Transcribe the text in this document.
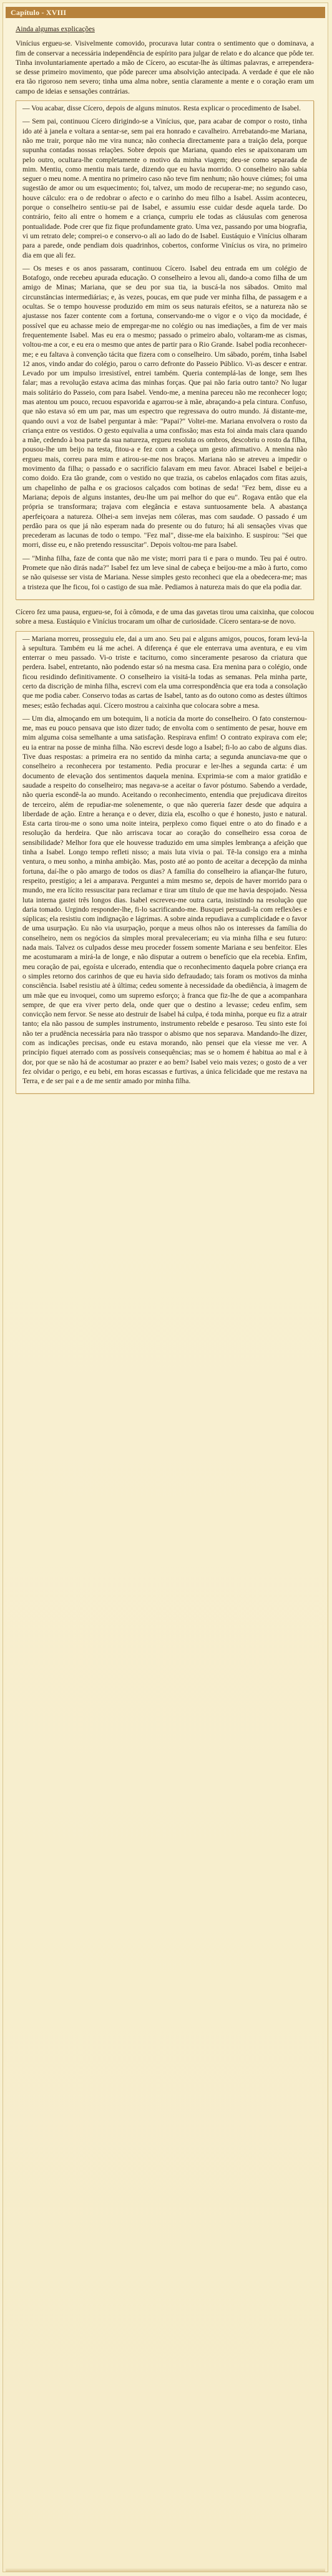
Capítulo - XVIII

Ainda algumas explicações

Vinícius ergueu-se. Visivelmente comovido, procurava lutar contra o sentimento que o dominava, a fim de conservar a necessária independência de espírito para julgar de relato e do alcance que pôde ter. Tinha involuntariamente apertado a mão de Cícero, ao escutar-lhe às últimas palavras, e arrependera-se desse primeiro movimento, que pôde parecer uma absolvição antecipada. A verdade é que ele não era tão rigoroso nem severo; tinha uma alma nobre, sentia claramente a mente e o coração eram um campo de ideias e sensações contrárias.

— Vou acabar, disse Cícero, depois de alguns minutos. Resta explicar o procedimento de Isabel.

— Sem pai, continuou Cícero dirigindo-se a Vinícius, que, para acabar de compor o rosto, tinha ido até à janela e voltara a sentar-se, sem pai era honrado e cavalheiro. Arrebatando-me Mariana, não me trair, porque não me vira nunca; não conhecia directamente para a traição dela, porque supunha contadas nossas relações. Sobre depois que Mariana, quando eles se apaixonaram um pelo outro, ocultara-lhe completamente o motivo da minha viagem; deu-se como separada de mim. Mentiu, como mentiu mais tarde, dizendo que eu havia morrido. O conselheiro não sabia seguer o meu nome. A mentira no primeiro caso não teve fim nenhum; não houve ciúmes; foi uma sugestão de amor ou um esquecimento; foi, talvez, um modo de recuperar-me; no segundo caso, houve cálculo: era o de redobrar o afecto e o carinho do meu filho a Isabel. Assim aconteceu, porque o conselheiro sentiu-se pai de Isabel, e assumiu esse cuidar desde aquela tarde. Do contrário, feito ali entre o homem e a criança, cumpriu ele todas as cláusulas com generosa pontualidade. Pode crer que fiz fique profundamente grato. Uma vez, passando por uma biografia, vi um retrato dele; comprei-o e conservo-o ali ao lado do de Isabel. Eustáquio e Vinícius olharam para a parede, onde pendiam dois quadrinhos, cobertos, conforme Vinícius os vira, no primeiro dia em que ali fez.

— Os meses e os anos passaram, continuou Cícero. Isabel deu entrada em um colégio de Botafogo, onde recebeu apurada educação. O conselheiro a levou ali, dando-a como filha de um amigo de Minas; Mariana, que se deu por sua tia, ia buscá-la nos sábados. Omito mal circunstâncias intermediárias; e, às vezes, poucas, em que pude ver minha filha, de passagem e a ocultas. Se o tempo houvesse produzido em mim os seus naturais efeitos, se a natureza não se ajustasse nos fazer contente com a fortuna, conservando-me o vigor e o viço da mocidade, é possível que eu achasse meio de empregar-me no colégio ou nas imediações, a fim de ver mais frequentemente Isabel. Mas eu era o mesmo; passado o primeiro abalo, voltaram-me as cismas, voltou-me a cor, e eu era o mesmo que antes de partir para o Rio Grande. Isabel podia reconhecer-me; e eu faltava à convenção tácita que fizera com o conselheiro. Um sábado, porém, tinha Isabel 12 anos, vindo andar do colégio, parou o carro defronte do Passeio Público. Vi-as descer e entrar. Levado por um impulso irresistível, entrei também. Queria contemplá-las de longe, sem lhes falar; mas a revolução estava acima das minhas forças. Que pai não faria outro tanto? No lugar mais solitário do Passeio, com para Isabel. Vendo-me, a menina pareceu não me reconhecer logo; mas atentou um pouco, recuou espavorida e agarrou-se à mãe, abraçando-a pela cintura. Confuso, que não estava só em um par, mas um espectro que regressava do outro mundo. Já distante-me, quando ouvi a voz de Isabel perguntar à mãe: "Papai?" Voltei-me. Mariana envolvera o rosto da criança entre os vestidos. O gesto equivalia a uma confissão; mas esta foi ainda mais clara quando a mãe, cedendo à boa parte da sua natureza, ergueu resoluta os ombros, descobriu o rosto da filha, pousou-lhe um beijo na testa, fitou-a e fez com a cabeça um gesto afirmativo. A menina não ergueu mais, correu para mim e atirou-se-me nos braços. Mariana não se atreveu a impedir o movimento da filha; o passado e o sacrifício falavam em meu favor. Abracei Isabel e beijei-a como doido. Era tão grande, com o vestido no que trazia, os cabelos enlaçados com fitas azuis, um chapelinho de palha e os graciosos calçados com botinas de seda! "Fez bem, disse eu a Mariana; depois de alguns instantes, deu-lhe um pai melhor do que eu". Rogava então que ela própria se transformara; trajava com elegância e estava suntuosamente bela. A abastança aperfeiçoara a natureza. Olhei-a sem invejas nem cóleras, mas com saudade. O passado é um perdão para os que já não esperam nada do presente ou do futuro; há ali sensações vivas que precederam as lacunas de todo o tempo. "Fez mal", disse-me ela baixinho. E suspirou: "Sei que morri, disse eu, e não pretendo ressuscitar". Depois voltou-me para Isabel.

— "Minha filha, faze de conta que não me viste; morri para ti e para o mundo. Teu pai é outro. Promete que não dirás nada?" Isabel fez um leve sinal de cabeça e beijou-me a mão à furto, como se não quisesse ser vista de Mariana. Nesse simples gesto reconheci que ela a obedecera-me; mas a tristeza que lhe ficou, foi o castigo de sua mãe. Pediamos à natureza mais do que ela podia dar.

Cícero fez uma pausa, ergueu-se, foi à cômoda, e de uma das gavetas tirou uma caixinha, que colocou sobre a mesa. Eustáquio e Vinícius trocaram um olhar de curiosidade. Cícero sentara-se de novo.

— Mariana morreu, prosseguiu ele, dai a um ano. Seu pai e alguns amigos, poucos, foram levá-la à sepultura. Também eu lá me achei. A diferença é que ele enterrava uma aventura, e eu vim enterrar o meu passado. Vi-o triste e taciturno, como sinceramente pesaroso da criatura que perdera. Isabel, entretanto, não podendo estar só na mesma casa. Era menina para o colégio, onde ficou residindo definitivamente. O conselheiro ia visitá-la todas as semanas. Pela minha parte, certo da discrição de minha filha, escrevi com ela uma correspondência que era toda a consolação que me podia caber. Conservo todas as cartas de Isabel, tanto as do outono como as destes últimos meses; estão fechadas aqui. Cícero mostrou a caixinha que colocara sobre a mesa.

— Um dia, almoçando em um botequim, li a notícia da morte do conselheiro. O fato consternou-me, mas eu pouco pensava que isto dizer tudo; de envolta com o sentimento de pesar, houve em mim alguma coisa semelhante a uma satisfação. Respirava enfim! O contrato expirava com ele; eu ia entrar na posse de minha filha. Não escrevi desde logo a Isabel; fi-lo ao cabo de alguns dias. Tive duas respostas: a primeira era no sentido da minha carta; a segunda anunciava-me que o conselheiro a reconhecera por testamento. Pedia procurar e ler-lhes a segunda carta: é um documento de elevação dos sentimentos daquela menina. Exprimia-se com a maior gratidão e saudade a respeito do conselheiro; mas negava-se a aceitar o favor póstumo. Sabendo a verdade, não queria escondê-la ao mundo. Aceitando o reconhecimento, entendia que prejudicava direitos de terceiro, além de repudiar-me solenemente, o que não quereria fazer desde que adquira a liberdade de ação. Entre a herança e o dever, dizia ela, escolho o que é honesto, justo e natural. Esta carta tirou-me o sono uma noite inteira, perplexo como fiquei entre o ato do finado e a resolução da herdeira. Que não arriscava tocar ao coração do conselheiro essa coroa de sensibilidade? Melhor fora que ele houvesse traduzido em uma simples lembrança a afeição que tinha a Isabel. Longo tempo refleti nisso; a mais luta vivia o pai. Tê-la consigo era a minha ventura, o meu sonho, a minha ambição. Mas, posto até ao ponto de aceitar a decepção da minha fortuna, daí-lhe o pão amargo de todos os dias? A família do conselheiro ia afiançar-lhe futuro, respeito, prestígio; a lei a amparava. Perguntei a mim mesmo se, depois de haver morrido para o mundo, me era lícito ressuscitar para reclamar e tirar um título de que me havia despojado. Nessa luta interna gastei três longos dias. Isabel escreveu-me outra carta, insistindo na resolução que daria tomado. Urgindo responder-lhe, fi-lo sacrificando-me. Busquei persuadi-la com reflexões e súplicas; ela resistiu com indignação e lágrimas. A sobre ainda repudiava a cumplicidade e o favor de uma usurpação. Eu não via usurpação, porque a meus olhos não os interesses da família do conselheiro, nem os negócios da simples moral prevaleceriam; eu via minha filha e seu futuro: nada mais. Talvez os culpados desse meu proceder fossem somente Mariana e seu benfeitor. Eles me acostumaram a mirá-la de longe, e não disputar a outrem o benefício que ela recebia. Enfim, meu coração de pai, egoísta e ulcerado, entendia que o reconhecimento daquela pobre criança era o simples retorno dos carinhos de que eu havia sido defraudado; tais foram os motivos da minha consciência. Isabel resistiu até à última; cedeu somente à necessidade da obediência, à imagem de um mãe que eu invoquei, como um supremo esforço; à franca que fiz-lhe de que a acompanhara sempre, de que era viver perto dela, onde quer que o destino a levasse; cedeu enfim, sem convicção nem fervor. Se nesse ato destruir de Isabel há culpa, é toda minha, porque eu fiz a atrair tanto; ela não passou de sumples instrumento, instrumento rebelde e pesaroso. Teu sinto este foi não ter a prudência necessária para não trasspor o abismo que nos separava. Mandando-lhe dizer, com as indicações precisas, onde eu estava morando, não pensei que ela viesse me ver. A princípio fiquei aterrado com as possíveis consequências; mas se o homem é habitua ao mal e à dor, por que se não há de acostumar ao prazer e ao bem? Isabel veio mais vezes; o gosto de a ver fez olvidar o perigo, e eu bebi, em horas escassas e furtivas, a única felicidade que me restava na Terra, e de ser pai e a de me sentir amado por minha filha.
